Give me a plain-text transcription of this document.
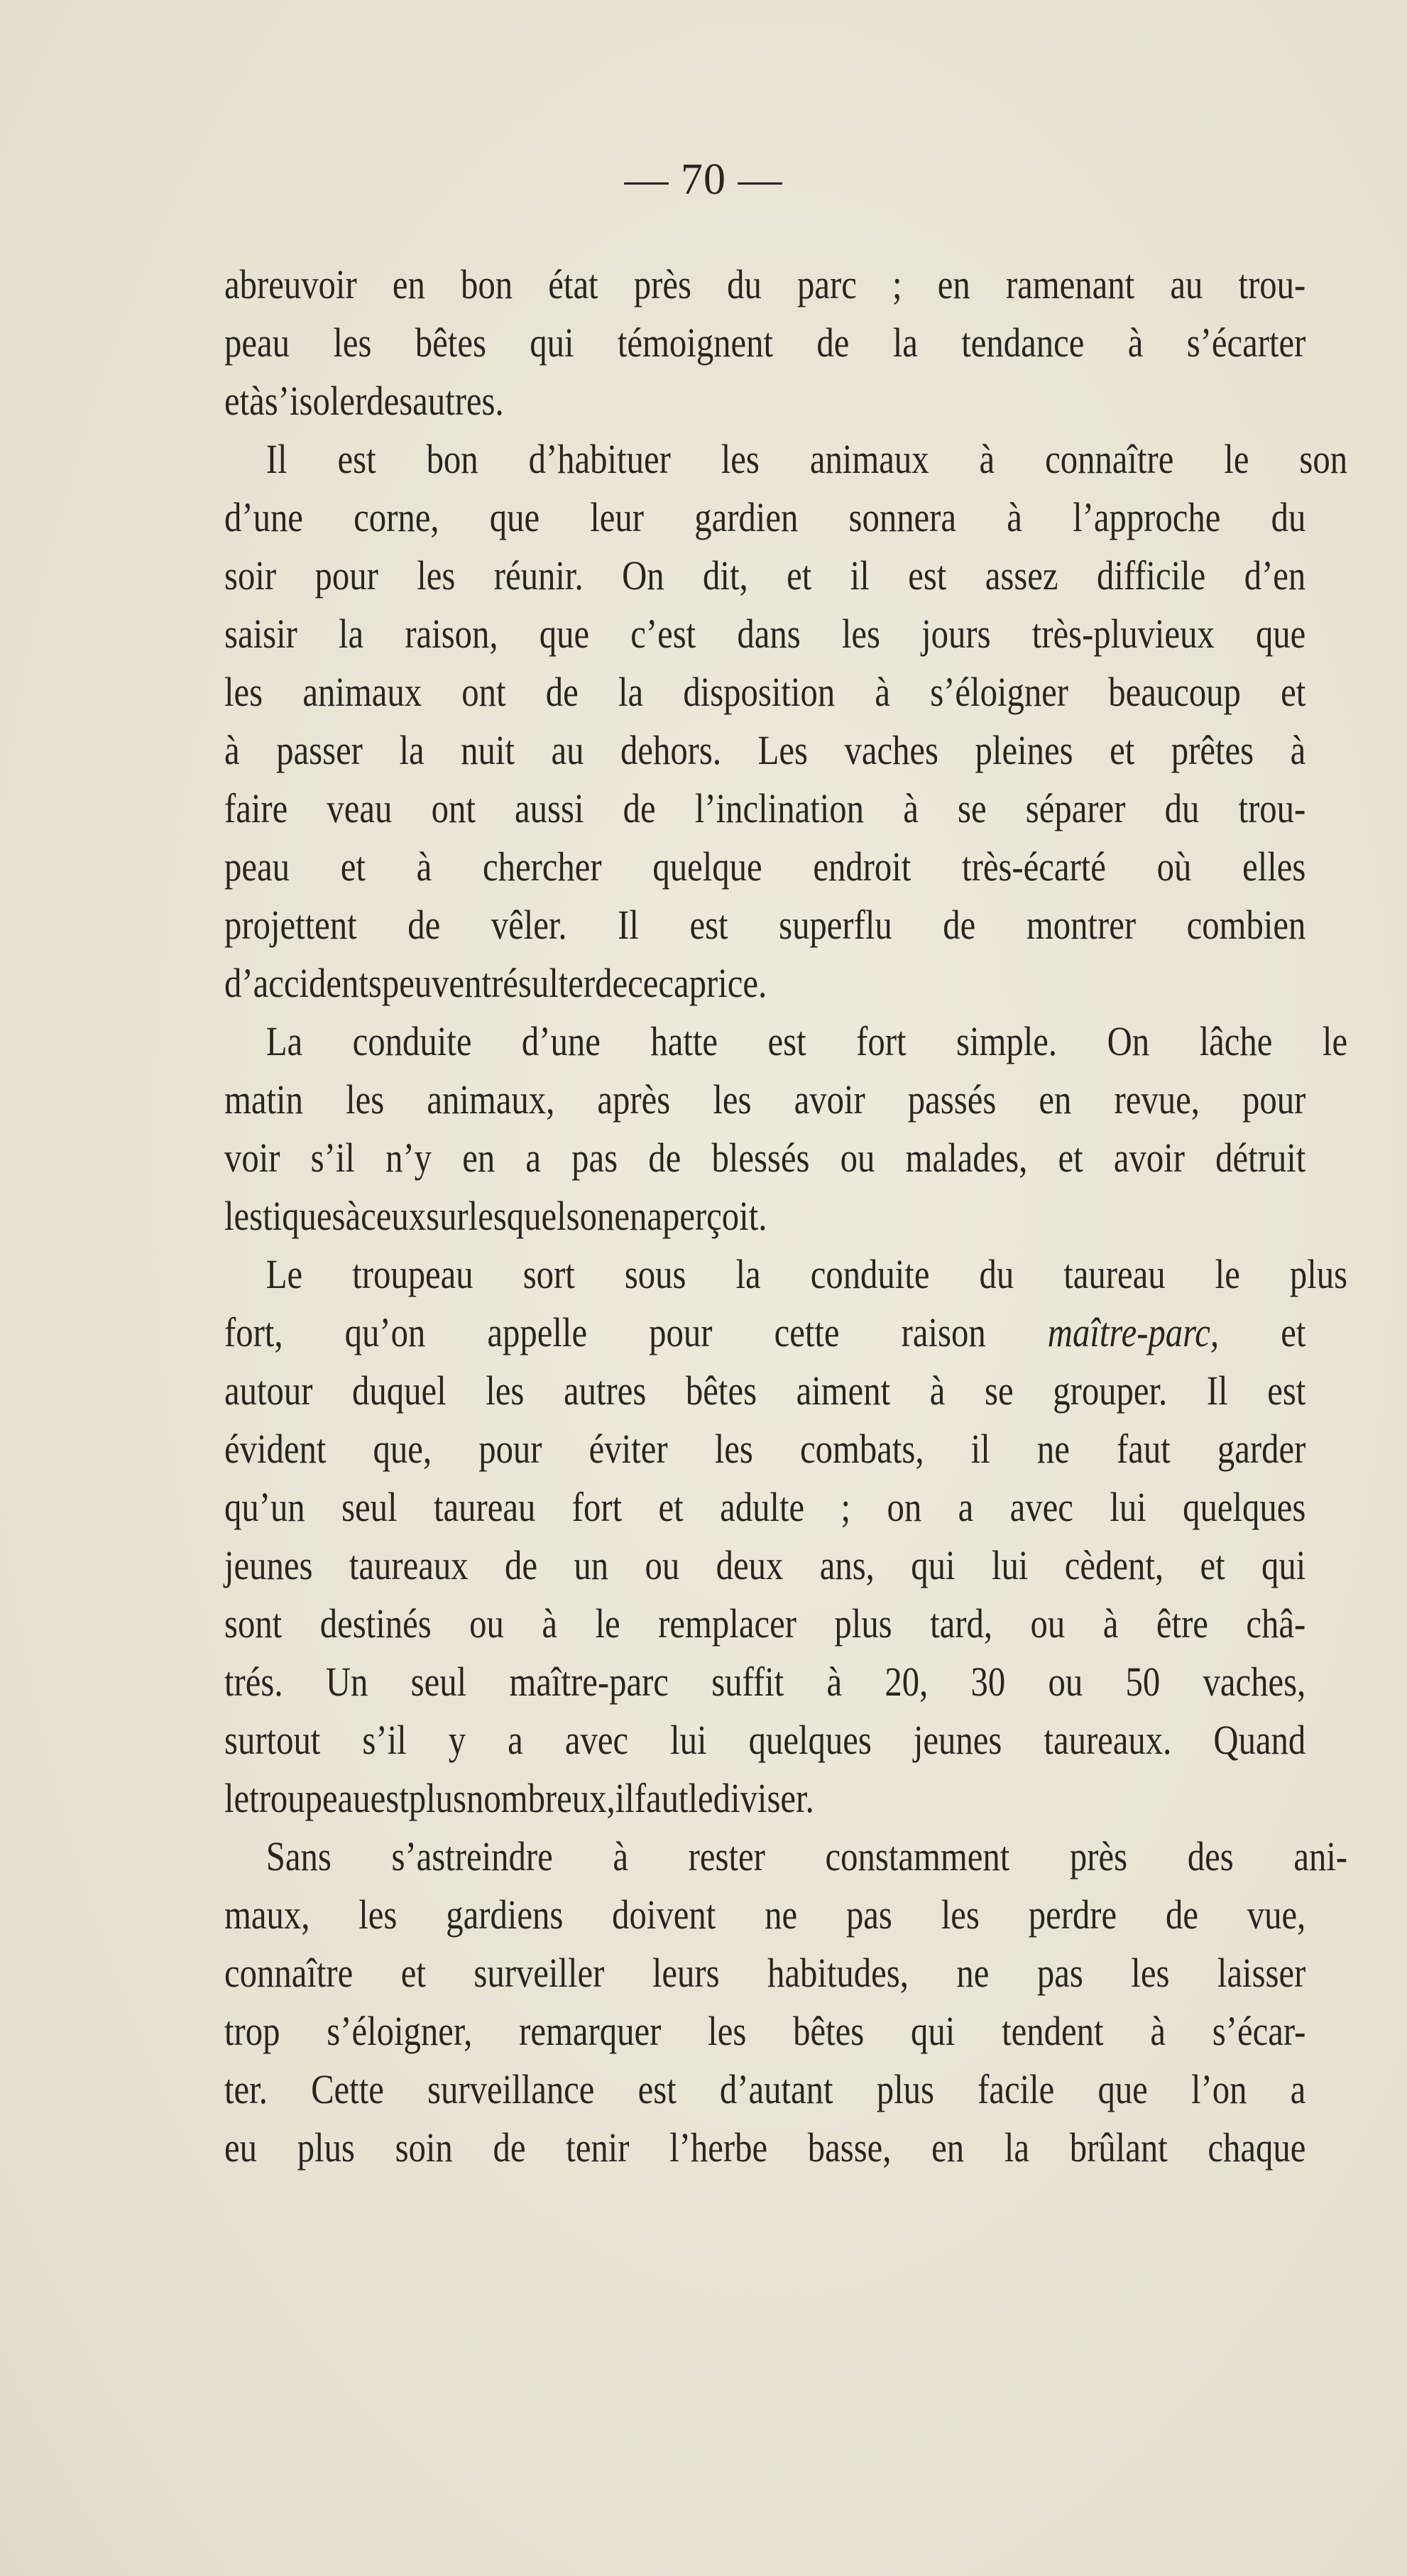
— 70 —
abreuvoir en bon état près du parc ; en ramenant au trou-
peau les bêtes qui témoignent de la tendance à s’écarter
et à s’isoler des autres.
Il est bon d’habituer les animaux à connaître le son
d’une corne, que leur gardien sonnera à l’approche du
soir pour les réunir. On dit, et il est assez difficile d’en
saisir la raison, que c’est dans les jours très-pluvieux que
les animaux ont de la disposition à s’éloigner beaucoup et
à passer la nuit au dehors. Les vaches pleines et prêtes à
faire veau ont aussi de l’inclination à se séparer du trou-
peau et à chercher quelque endroit très-écarté où elles
projettent de vêler. Il est superflu de montrer combien
d’accidents peuvent résulter de ce caprice.
La conduite d’une hatte est fort simple. On lâche le
matin les animaux, après les avoir passés en revue, pour
voir s’il n’y en a pas de blessés ou malades, et avoir détruit
les tiques à ceux sur lesquels on en aperçoit.
Le troupeau sort sous la conduite du taureau le plus
fort, qu’on appelle pour cette raison maître-parc, et
autour duquel les autres bêtes aiment à se grouper. Il est
évident que, pour éviter les combats, il ne faut garder
qu’un seul taureau fort et adulte ; on a avec lui quelques
jeunes taureaux de un ou deux ans, qui lui cèdent, et qui
sont destinés ou à le remplacer plus tard, ou à être châ-
trés. Un seul maître-parc suffit à 20, 30 ou 50 vaches,
surtout s’il y a avec lui quelques jeunes taureaux. Quand
le troupeau est plus nombreux, il faut le diviser.
Sans s’astreindre à rester constamment près des ani-
maux, les gardiens doivent ne pas les perdre de vue,
connaître et surveiller leurs habitudes, ne pas les laisser
trop s’éloigner, remarquer les bêtes qui tendent à s’écar-
ter. Cette surveillance est d’autant plus facile que l’on a
eu plus soin de tenir l’herbe basse, en la brûlant chaque
